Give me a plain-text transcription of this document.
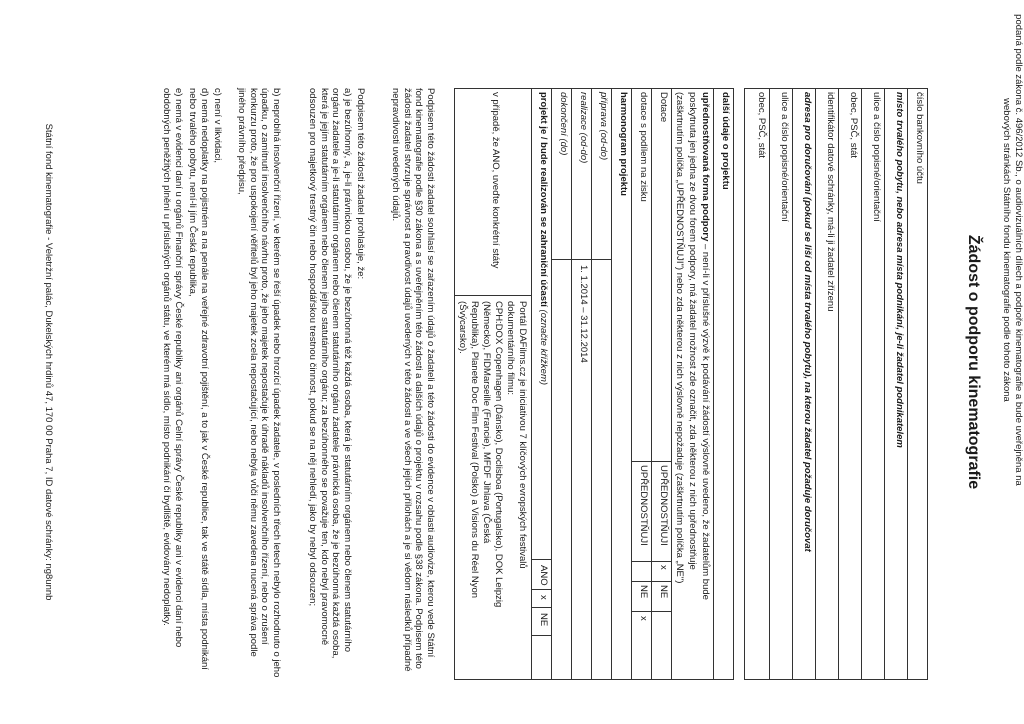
Žádost o podporu kinematografie	podaná podle zákona č. 496/2012 Sb., o audiovizuálních dílech a podpoře kinematografie a bude uveřejněna na webových stránkách Státního fondu kinematografie podle tohoto zákona
číslo bankovního účtu
místo trvalého pobytu, nebo adresa místa podnikání, je-li žadatel podnikatelem
ulice a číslo popisné/orientační
obec, PSČ, stát
identifikátor datové schránky, má-li ji žadatel zřízenu
adresa pro doručování (pokud se liší od místa trvalého pobytu), na kterou žadatel požaduje doručovat
ulice a číslo popisné/orientační
obec, PSČ, stát
další údaje o projektu
upřednostňovaná forma podpory – není-li v příslušné výzvě k podávání žádostí výslovně uvedeno, že žadatelům bude
poskytnuta jen jedna ze dvou forem podpory, má žadatel možnost zde označit, zda některou z nich upřednostňuje
(zaškrtnutím políčka „UPŘEDNOSTŇUJI") nebo zda některou z nich výslovně nepožaduje (zaškrtnutím políčka „NE")
Dotace
UPŘEDNOSTŇUJI
x
NE
dotace s podílem na zisku
UPŘEDNOSTŇUJI
NE
x
harmonogram projektu
příprava (od-do)
realizace (od-do)
1. 1.2014 – 31.12.2014
dokončení (do)
projekt je / bude realizován se zahraniční účastí (označte křížkem)
ANO
x
NE
v případě, že ANO, uveďte konkrétní státy
Portál DAFilms.cz je iniciativou 7 klíčových evropských festivalů
dokumentárního filmu:
CPH:DOX Copenhagen (Dánsko), Doclisboa (Portugalsko), DOK Leipzig
(Německo), FIDMarseille (Francie), MFDF Jihlava (Česká
Republika), Planete Doc Film Festival (Polsko) a Visions du Réel Nyon
(Švýcarsko).
Podpisem této žádosti žadatel souhlasí se zařazením údajů o žadateli a této žádosti do evidence v oblasti audiovize, kterou vede Státní fond kinematografie podle §30 zákona a s uveřejněním této žádosti a dalších údajů o projektu v rozsahu podle §38 zákona. Podpisem této žádosti žadatel stvrzuje správnost a pravdivost údajů uvedených v této žádosti a ve všech jejích přílohách a je si vědom následků případné nepravdivosti uvedených údajů.
Podpisem této žádosti žadatel prohlašuje, že:
a) je bezúhonný, a, je-li právnickou osobou, že je bezúhonná též každá osoba, která je statutárním orgánem nebo členem statutárního orgánu žadatele a je-li statutárním orgánem nebo členem statutárního orgánu žadatele právnická osoba, že je bezúhonná každá osoba, která je jejím statutárním orgánem nebo členem jejího statutárního orgánu; za bezúhonného se považuje ten, kdo nebyl pravomocně odsouzen pro majetkový trestný čin nebo hospodářskou trestnou činnost, pokud se na něj nehledí, jako by nebyl odsouzen;
b) neprobíhá insolvenční řízení, ve kterém se řeší úpadek nebo hrozící úpadek žadatele, v posledních třech letech nebylo rozhodnuto o jeho úpadku, o zamítnutí insolvenčního návrhu proto, že jeho majetek nepostačuje k úhradě nákladů insolvenčního řízení, nebo o zrušení konkurzu proto, že pro uspokojení věřitelů byl jeho majetek zcela nepostačující, nebo nebyla vůči němu zavedena nucená správa podle jiného právního předpisu,
c) není v likvidaci,
d) nemá nedoplatky na pojistném a na penále na veřejné zdravotní pojištění, a to jak v České republice, tak ve státě sídla, místa podnikání nebo trvalého pobytu, není-li jím Česká republika,
e) nemá v evidenci daní u orgánů Finanční správy České republiky ani orgánů Celní správy České republiky ani v evidenci daní nebo obdobných peněžitých plnění u příslušných orgánů státu, ve kterém má sídlo, místo podnikání či bydliště, evidovány nedoplatky.
Státní fond kinematografie - Veletržní palác, Dukelských hrdinů 47, 170 00 Praha 7, ID datové schránky: ng8unnb
